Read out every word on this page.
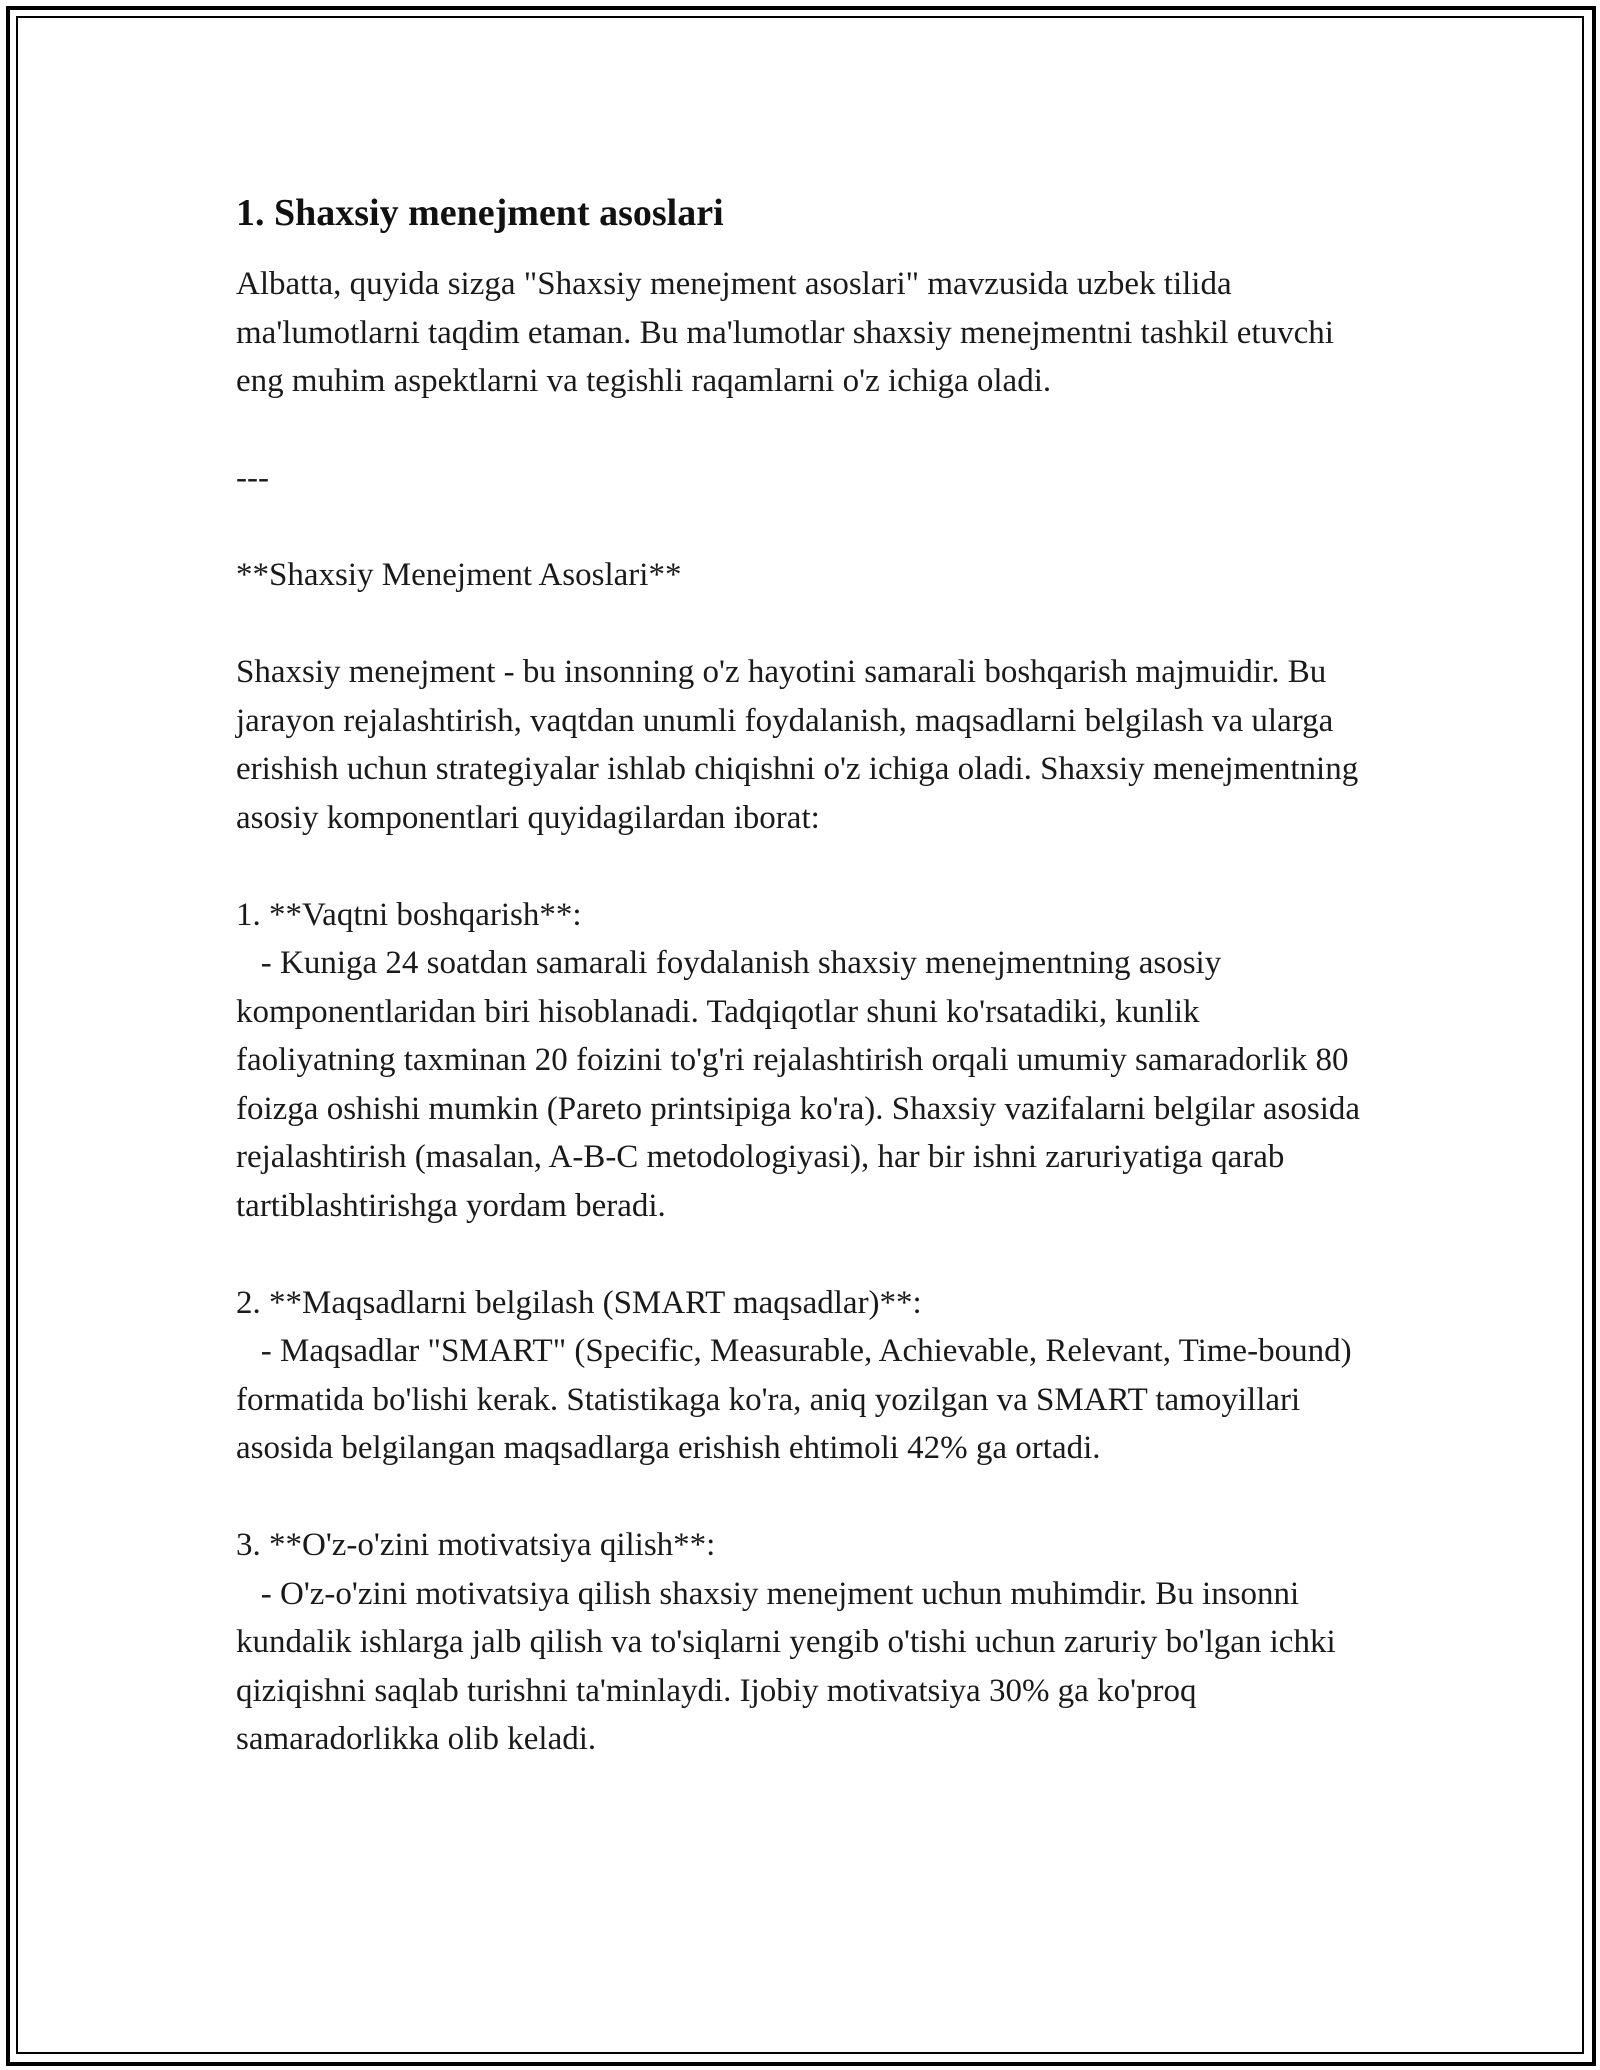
1. Shaxsiy menejment asoslari

Albatta, quyida sizga "Shaxsiy menejment asoslari" mavzusida uzbek tilida ma'lumotlarni taqdim etaman. Bu ma'lumotlar shaxsiy menejmentni tashkil etuvchi eng muhim aspektlarni va tegishli raqamlarni o'z ichiga oladi.

---

**Shaxsiy Menejment Asoslari**

Shaxsiy menejment - bu insonning o'z hayotini samarali boshqarish majmuidir. Bu jarayon rejalashtirish, vaqtdan unumli foydalanish, maqsadlarni belgilash va ularga erishish uchun strategiyalar ishlab chiqishni o'z ichiga oladi. Shaxsiy menejmentning asosiy komponentlari quyidagilardan iborat:

1. **Vaqtni boshqarish**:

- Kuniga 24 soatdan samarali foydalanish shaxsiy menejmentning asosiy komponentlaridan biri hisoblanadi. Tadqiqotlar shuni ko'rsatadiki, kunlik faoliyatning taxminan 20 foizini to'g'ri rejalashtirish orqali umumiy samaradorlik 80 foizga oshishi mumkin (Pareto printsipiga ko'ra). Shaxsiy vazifalarni belgilar asosida rejalashtirish (masalan, A-B-C metodologiyasi), har bir ishni zaruriyatiga qarab tartiblashtirishga yordam beradi.

2. **Maqsadlarni belgilash (SMART maqsadlar)**:

- Maqsadlar "SMART" (Specific, Measurable, Achievable, Relevant, Time-bound) formatida bo'lishi kerak. Statistikaga ko'ra, aniq yozilgan va SMART tamoyillari asosida belgilangan maqsadlarga erishish ehtimoli 42% ga ortadi.

3. **O'z-o'zini motivatsiya qilish**:

- O'z-o'zini motivatsiya qilish shaxsiy menejment uchun muhimdir. Bu insonni kundalik ishlarga jalb qilish va to'siqlarni yengib o'tishi uchun zaruriy bo'lgan ichki qiziqishni saqlab turishni ta'minlaydi. Ijobiy motivatsiya 30% ga ko'proq samaradorlikka olib keladi.
